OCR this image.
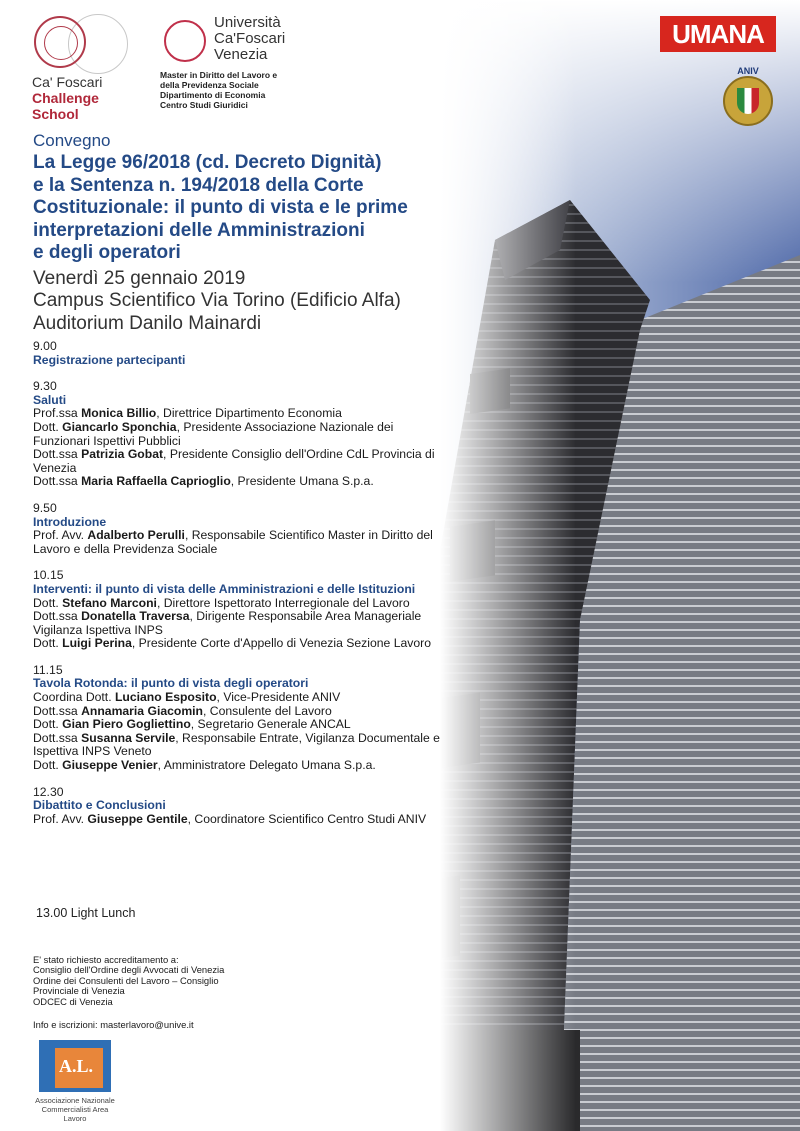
Ca' Foscari
Challenge
School
Università
Ca'Foscari
Venezia
Master in Diritto del Lavoro e
della Previdenza Sociale
Dipartimento di Economia
Centro Studi Giuridici
UMANA
ANIV
Convegno
La Legge 96/2018 (cd. Decreto Dignità)
e la Sentenza n. 194/2018 della Corte
Costituzionale: il punto di vista e le prime
interpretazioni delle Amministrazioni
e degli operatori
Venerdì 25 gennaio 2019
Campus Scientifico Via Torino (Edificio Alfa)
Auditorium Danilo Mainardi
9.00
Registrazione partecipanti
9.30
Saluti
Prof.ssa Monica Billio, Direttrice Dipartimento Economia
Dott. Giancarlo Sponchia, Presidente Associazione Nazionale dei Funzionari Ispettivi Pubblici
Dott.ssa Patrizia Gobat, Presidente Consiglio dell'Ordine CdL Provincia di Venezia
Dott.ssa Maria Raffaella Caprioglio, Presidente Umana S.p.a.
9.50
Introduzione
Prof. Avv. Adalberto Perulli, Responsabile Scientifico Master in Diritto del Lavoro e della Previdenza Sociale
10.15
Interventi: il punto di vista delle Amministrazioni e delle Istituzioni
Dott. Stefano Marconi, Direttore Ispettorato Interregionale del Lavoro
Dott.ssa Donatella Traversa, Dirigente Responsabile Area Manageriale Vigilanza Ispettiva INPS
Dott. Luigi Perina, Presidente Corte d'Appello di Venezia Sezione Lavoro
11.15
Tavola Rotonda: il punto di vista degli operatori
Coordina Dott. Luciano Esposito, Vice-Presidente ANIV
Dott.ssa Annamaria Giacomin, Consulente del Lavoro
Dott. Gian Piero Gogliettino, Segretario Generale ANCAL
Dott.ssa Susanna Servile, Responsabile Entrate, Vigilanza Documentale e Ispettiva INPS Veneto
Dott. Giuseppe Venier, Amministratore Delegato Umana S.p.a.
12.30
Dibattito e Conclusioni
Prof. Avv. Giuseppe Gentile, Coordinatore Scientifico Centro Studi ANIV
13.00 Light Lunch
E' stato richiesto accreditamento a:
Consiglio dell'Ordine degli Avvocati di Venezia
Ordine dei Consulenti del Lavoro – Consiglio
Provinciale di Venezia
ODCEC di Venezia
Info e iscrizioni: masterlavoro@unive.it
A.L.
Associazione Nazionale
Commercialisti Area Lavoro
